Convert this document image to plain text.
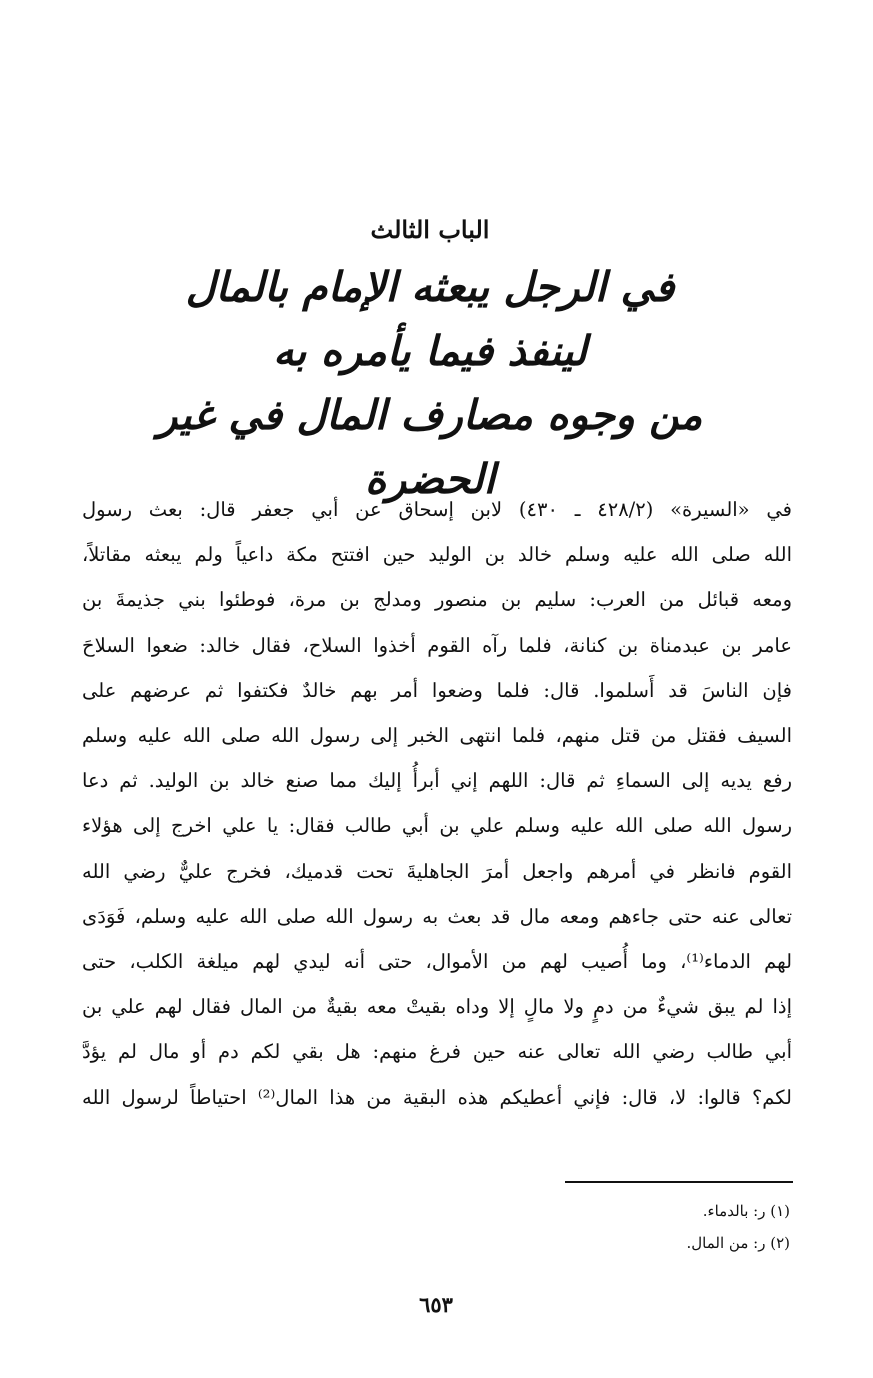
الباب الثالث
في الرجل يبعثه الإمام بالمال
لينفذ فيما يأمره به
من وجوه مصارف المال في غير الحضرة
في «السيرة» (٤٢٨/٢ ـ ٤٣٠) لابن إسحاق عن أبي جعفر قال: بعث رسول
الله صلى الله عليه وسلم خالد بن الوليد حين افتتح مكة داعياً ولم يبعثه مقاتلاً،
ومعه قبائل من العرب: سليم بن منصور ومدلج بن مرة، فوطئوا بني جذيمةَ بن
عامر بن عبدمناة بن كنانة، فلما رآه القوم أخذوا السلاح، فقال خالد: ضعوا السلاحَ
فإن الناسَ قد أَسلموا. قال: فلما وضعوا أمر بهم خالدٌ فكتفوا ثم عرضهم على
السيف فقتل من قتل منهم، فلما انتهى الخبر إلى رسول الله صلى الله عليه وسلم
رفع يديه إلى السماءِ ثم قال: اللهم إني أبرأُ إليك مما صنع خالد بن الوليد. ثم دعا
رسول الله صلى الله عليه وسلم علي بن أبي طالب فقال: يا علي اخرج إلى هؤلاء
القوم فانظر في أمرهم واجعل أمرَ الجاهليةَ تحت قدميك، فخرج عليٌّ رضي الله
تعالى عنه حتى جاءهم ومعه مال قد بعث به رسول الله صلى الله عليه وسلم، فَوَدَى
لهم الدماء⁽¹⁾، وما أُصيب لهم من الأموال، حتى أنه ليدي لهم ميلغة الكلب، حتى
إذا لم يبق شيءٌ من دمٍ ولا مالٍ إلا وداه بقيتْ معه بقيةٌ من المال فقال لهم علي بن
أبي طالب رضي الله تعالى عنه حين فرغ منهم: هل بقي لكم دم أو مال لم يؤدَّ
لكم؟ قالوا: لا، قال: فإني أعطيكم هذه البقية من هذا المال⁽²⁾ احتياطاً لرسول الله
(١) ر: بالدماء.
(٢) ر: من المال.
٦٥٣
